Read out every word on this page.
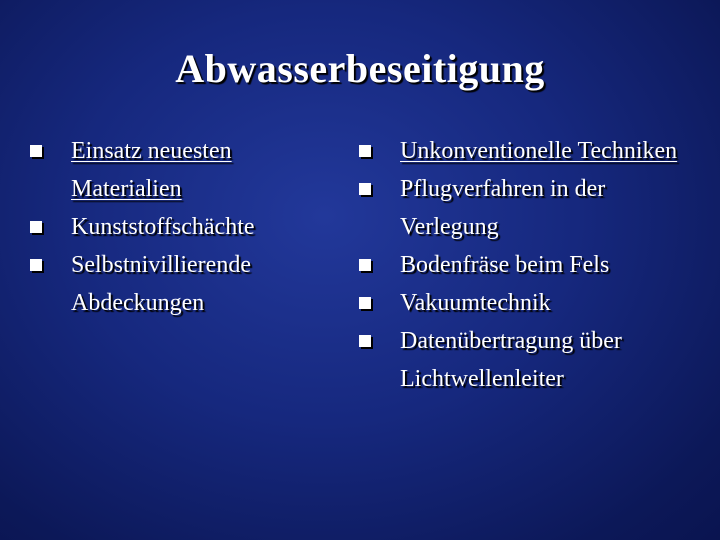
Abwasserbeseitigung
Einsatz neuesten Materialien
Kunststoffschächte
Selbstnivillierende Abdeckungen
Unkonventionelle Techniken
Pflugverfahren in der Verlegung
Bodenfräse beim Fels
Vakuumtechnik
Datenübertragung über Lichtwellenleiter
